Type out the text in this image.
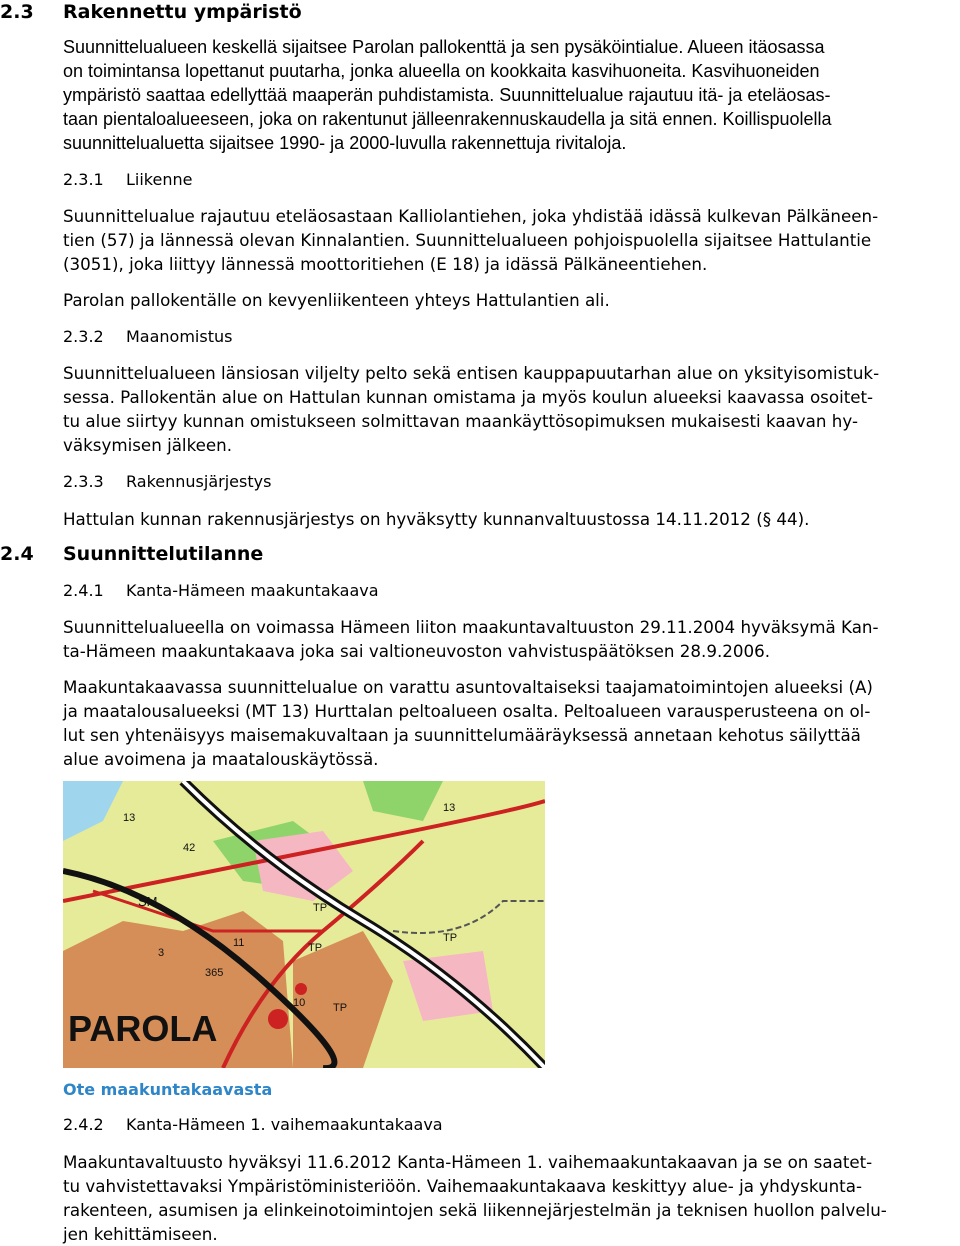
2.3 Rakennettu ympäristö
Suunnittelualueen keskellä sijaitsee Parolan pallokenttä ja sen pysäköintialue. Alueen itäosassa
on toimintansa lopettanut puutarha, jonka alueella on kookkaita kasvihuoneita. Kasvihuoneiden
ympäristö saattaa edellyttää maaperän puhdistamista. Suunnittelualue rajautuu itä- ja eteläosas-
taan pientaloalueeseen, joka on rakentunut jälleenrakennuskaudella ja sitä ennen. Koillispuolella
suunnittelualuetta sijaitsee 1990- ja 2000-luvulla rakennettuja rivitaloja.
2.3.1 Liikenne
Suunnittelualue rajautuu eteläosastaan Kalliolantiehen, joka yhdistää idässä kulkevan Pälkäneen-
tien (57) ja lännessä olevan Kinnalantien. Suunnittelualueen pohjoispuolella sijaitsee Hattulantie
(3051), joka liittyy lännessä moottoritiehen (E 18) ja idässä Pälkäneentiehen.
Parolan pallokentälle on kevyenliikenteen yhteys Hattulantien ali.
2.3.2 Maanomistus
Suunnittelualueen länsiosan viljelty pelto sekä entisen kauppapuutarhan alue on yksityisomistuk-
sessa. Pallokentän alue on Hattulan kunnan omistama ja myös koulun alueeksi kaavassa osoitet-
tu alue siirtyy kunnan omistukseen solmittavan maankäyttösopimuksen mukaisesti kaavan hy-
väksymisen jälkeen.
2.3.3 Rakennusjärjestys
Hattulan kunnan rakennusjärjestys on hyväksytty kunnanvaltuustossa 14.11.2012 (§ 44).
2.4 Suunnittelutilanne
2.4.1 Kanta-Hämeen maakuntakaava
Suunnittelualueella on voimassa Hämeen liiton maakuntavaltuuston 29.11.2004 hyväksymä Kan-
ta-Hämeen maakuntakaava joka sai valtioneuvoston vahvistuspäätöksen 28.9.2006.
Maakuntakaavassa suunnittelualue on varattu asuntovaltaiseksi taajamatoimintojen alueeksi (A)
ja maatalousalueeksi (MT 13) Hurttalan peltoalueen osalta. Peltoalueen varausperusteena on ol-
lut sen yhtenäisyys maisemakuvaltaan ja suunnittelumääräyksessä annetaan kehotus säilyttää
alue avoimena ja maatalouskäytössä.
PAROLA
SM	TP
TP
TP
TP
365
13
13
11
10
3
42
Ote maakuntakaavasta
2.4.2 Kanta-Hämeen 1. vaihemaakuntakaava
Maakuntavaltuusto hyväksyi 11.6.2012 Kanta-Hämeen 1. vaihemaakuntakaavan ja se on saatet-
tu vahvistettavaksi Ympäristöministeriöön. Vaihemaakuntakaava keskittyy alue- ja yhdyskunta-
rakenteen, asumisen ja elinkeinotoimintojen sekä liikennejärjestelmän ja teknisen huollon palvelu-
jen kehittämiseen.
